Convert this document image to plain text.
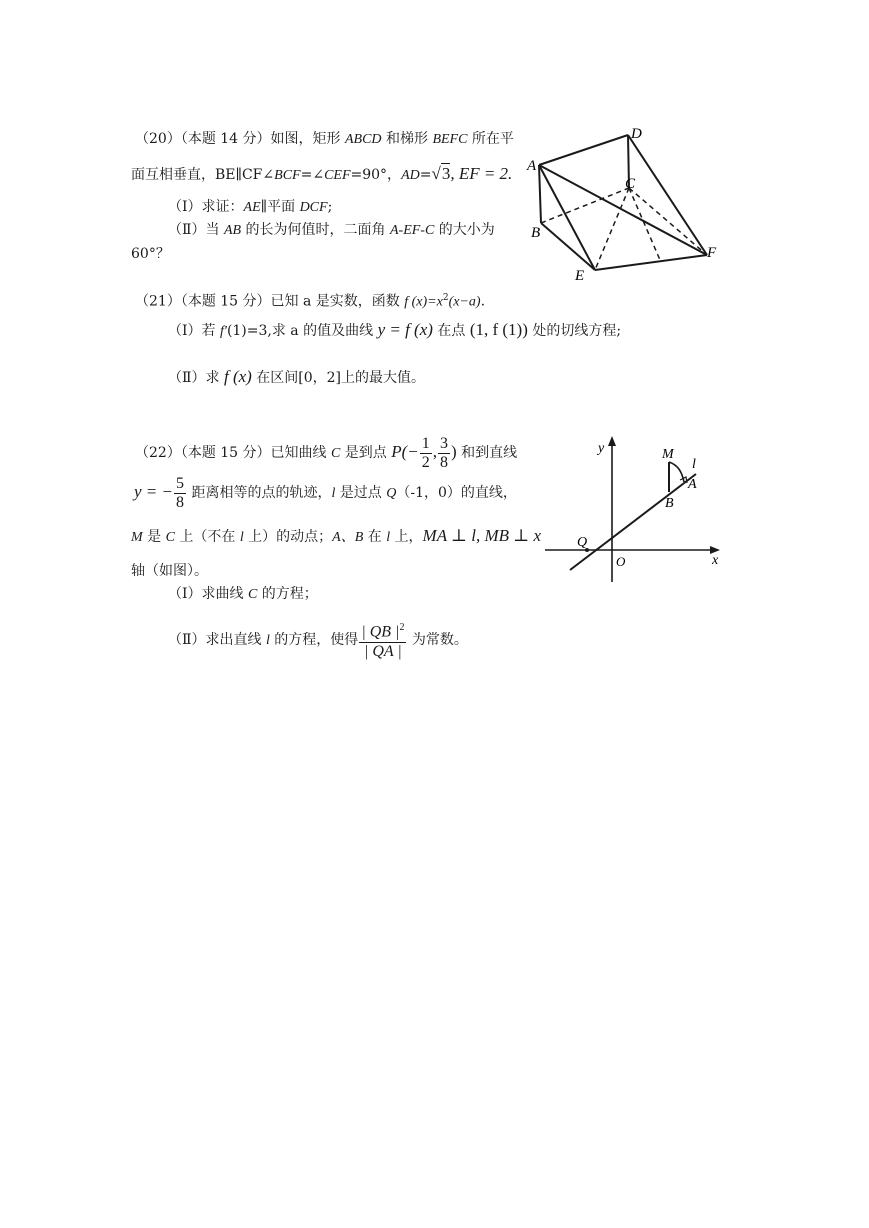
（20）（本题 14 分）如图，矩形 ABCD 和梯形 BEFC 所在平
面互相垂直，BE∥CF∠BCF=∠CEF=90°，AD=√3, EF = 2.
（Ⅰ）求证：AE∥平面 DCF;
（Ⅱ）当 AB 的长为何值时，二面角 A-EF-C 的大小为
60°？
A
B
C
D
E
F
（21）（本题 15 分）已知 a 是实数，函数 f $(x)=x^2(x-a)$.
（Ⅰ）若 f′(1)=3,求 a 的值及曲线 y = f (x) 在点 (1, f (1)) 处的切线方程;
（Ⅱ）求 f (x) 在区间[0，2]上的最大值。
（22）（本题 15 分）已知曲线 C 是到点 $P(- \frac{1}{2}$ , $\frac{3}{8}$ ) 和到直线
y = − $\frac{5}{8}$ 距离相等的点的轨迹，l 是过点 Q（-1，0）的直线，
M 是 C 上（不在 l 上）的动点；A、B 在 l 上，MA ⊥ l, MB ⊥ x
轴（如图）。
（Ⅰ）求曲线 C 的方程；
（Ⅱ）求出直线 l 的方程，使得 $\frac{| QB |^2}{| QA |}$ 为常数。
y
x
O
Q
M
l
A
B
